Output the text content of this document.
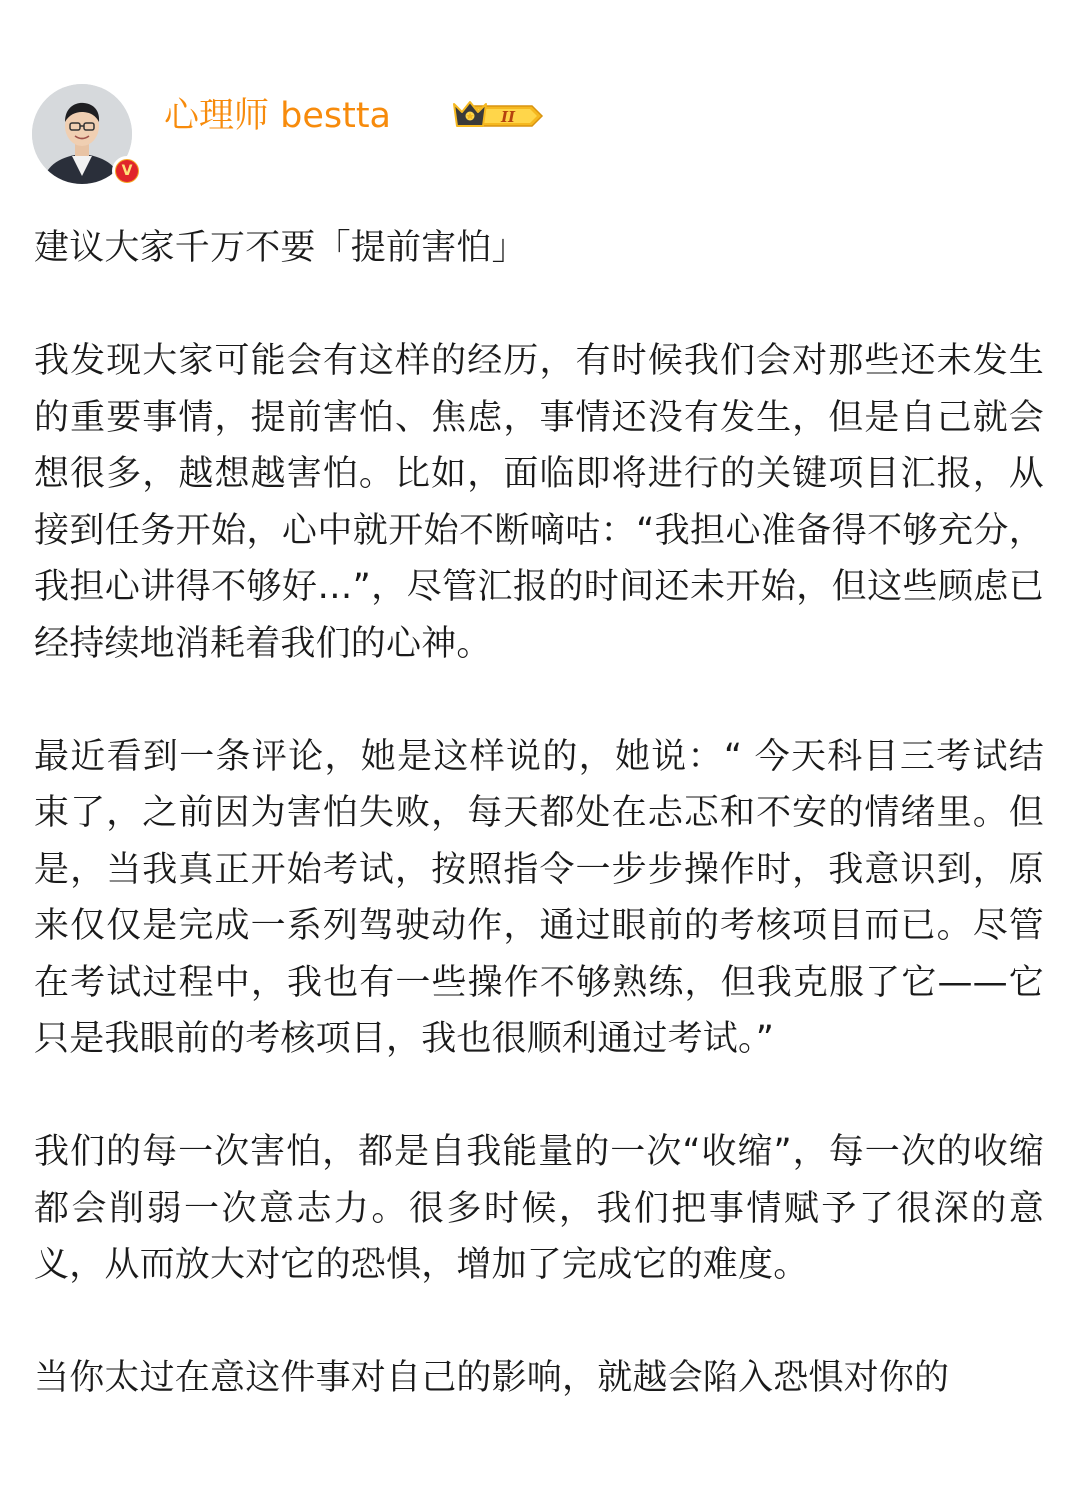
V
心理师 bestta	II

建议大家千万不要「提前害怕」

我发现大家可能会有这样的经历，有时候我们会对那些还未发生的重要事情，提前害怕、焦虑，事情还没有发生，但是自己就会想很多，越想越害怕。比如，面临即将进行的关键项目汇报，从接到任务开始，心中就开始不断嘀咕：“我担心准备得不够充分，我担心讲得不够好…”，尽管汇报的时间还未开始，但这些顾虑已经持续地消耗着我们的心神。

最近看到一条评论，她是这样说的，她说：“ 今天科目三考试结束了，之前因为害怕失败，每天都处在忐忑和不安的情绪里。但是，当我真正开始考试，按照指令一步步操作时，我意识到，原来仅仅是完成一系列驾驶动作，通过眼前的考核项目而已。尽管在考试过程中，我也有一些操作不够熟练，但我克服了它——它只是我眼前的考核项目，我也很顺利通过考试。”

我们的每一次害怕，都是自我能量的一次“收缩”，每一次的收缩都会削弱一次意志力。很多时候，我们把事情赋予了很深的意义，从而放大对它的恐惧，增加了完成它的难度。

当你太过在意这件事对自己的影响，就越会陷入恐惧对你的
